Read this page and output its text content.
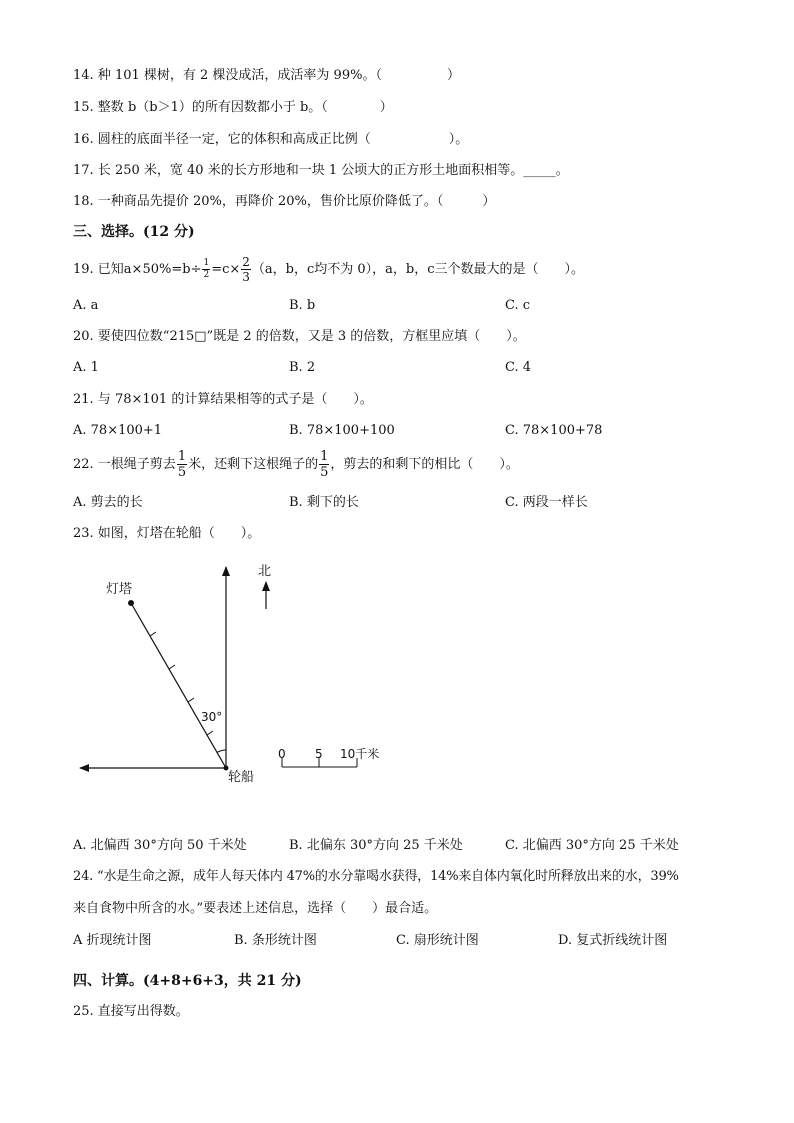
14. 种 101 棵树，有 2 棵没成活，成活率为 99%。（　　　　　）
15. 整数 b（b＞1）的所有因数都小于 b。（　　　　）
16. 圆柱的底面半径一定，它的体积和高成正比例（　　　　　　）。
17. 长 250 米，宽 40 米的长方形地和一块 1 公顷大的正方形土地面积相等。_____。
18. 一种商品先提价 20%，再降价 20%，售价比原价降低了。（　　　）
三、选择。(12 分)
19. 已知$a\times 50\%=b\div \frac{1}{2} =c\times \frac{2}{3} (a$，b，c均不为 0），a，b，c三个数最大的是（　　）。
A. a	B. b	C. c
20. 要使四位数“215□”既是 2 的倍数，又是 3 的倍数，方框里应填（　　）。
A. 1	B. 2	C. 4
21. 与 78×101 的计算结果相等的式子是（　　）。
A. 78×100+1	B. 78×100+100	C. 78×100+78
22. 一根绳子剪去 $\frac{1}{5}$ 米，还剩下这根绳子的 $\frac{1}{5}$ ，剪去的和剩下的相比（　　）。
A. 剪去的长	B. 剩下的长	C. 两段一样长
23. 如图，灯塔在轮船（　　）。
30°
灯塔
轮船
北
0 5 10千米
A. 北偏西 30°方向 50 千米处	B. 北偏东 30°方向 25 千米处	C. 北偏西 30°方向 25 千米处
24. “水是生命之源，成年人每天体内 47%的水分靠喝水获得，14%来自体内氧化时所释放出来的水，39%
来自食物中所含的水。”要表述上述信息，选择（　　）最合适。
A 折现统计图	B. 条形统计图	C. 扇形统计图	D. 复式折线统计图
四、计算。(4+8+6+3，共 21 分)
25. 直接写出得数。
